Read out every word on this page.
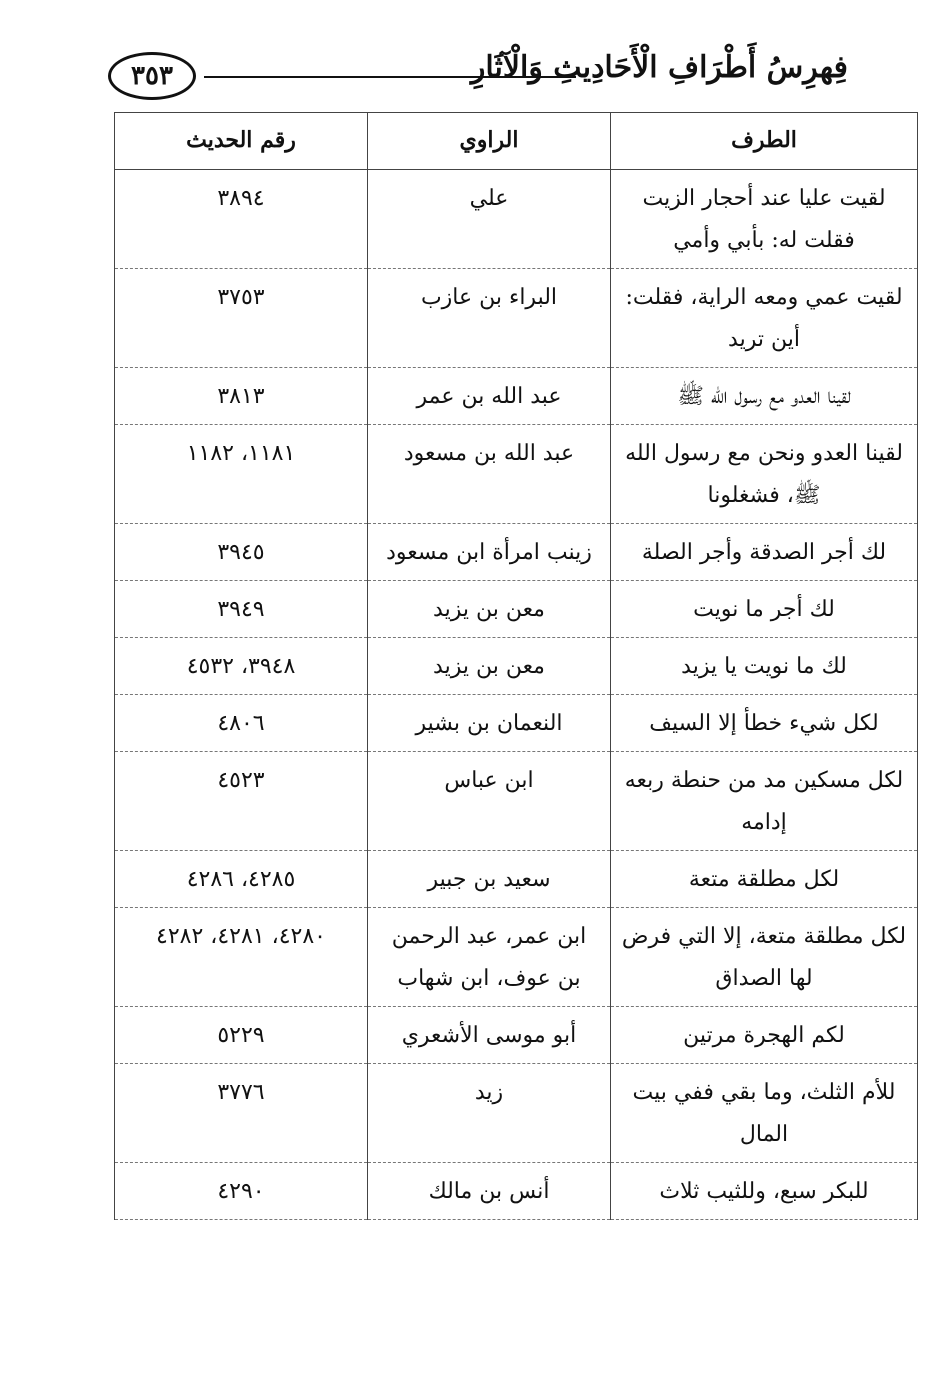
فِهرِسُ أَطْرَافِ الْأَحَادِيثِ وَالْآثَارِ
٣٥٣
الطرف	الراوي	رقم الحديث
لقيت عليا عند أحجار الزيت فقلت له: بأبي وأمي	علي	٣٨٩٤
لقيت عمي ومعه الراية، فقلت: أين تريد	البراء بن عازب	٣٧٥٣
لقينا العدو مع رسول الله ﷺ	عبد الله بن عمر	٣٨١٣
لقينا العدو ونحن مع رسول الله ﷺ، فشغلونا	عبد الله بن مسعود	١١٨١، ١١٨٢
لك أجر الصدقة وأجر الصلة	زينب امرأة ابن مسعود	٣٩٤٥
لك أجر ما نويت	معن بن يزيد	٣٩٤٩
لك ما نويت يا يزيد	معن بن يزيد	٣٩٤٨، ٤٥٣٢
لكل شيء خطأ إلا السيف	النعمان بن بشير	٤٨٠٦
لكل مسكين مد من حنطة ربعه إدامه	ابن عباس	٤٥٢٣
لكل مطلقة متعة	سعيد بن جبير	٤٢٨٥، ٤٢٨٦
لكل مطلقة متعة، إلا التي فرض لها الصداق	ابن عمر، عبد الرحمن بن عوف، ابن شهاب	٤٢٨٠، ٤٢٨١، ٤٢٨٢
لكم الهجرة مرتين	أبو موسى الأشعري	٥٢٢٩
للأم الثلث، وما بقي ففي بيت المال	زيد	٣٧٧٦
للبكر سبع، وللثيب ثلاث	أنس بن مالك	٤٢٩٠
